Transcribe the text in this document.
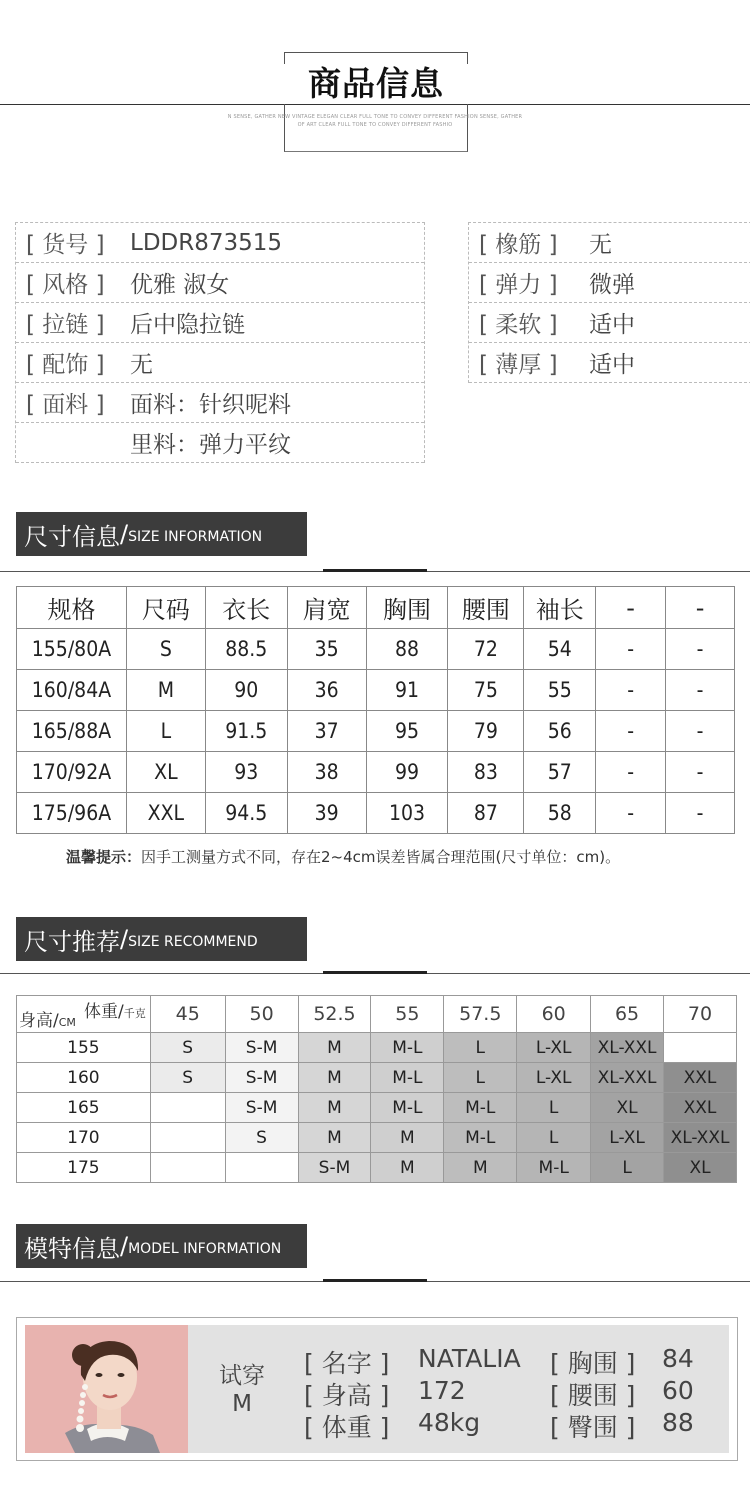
商品信息
N SENSE, GATHER NEW VINTAGE ELEGAN CLEAR FULL TONE TO CONVEY DIFFERENT FASHION SENSE, GATHER
OF ART CLEAR FULL TONE TO CONVEY DIFFERENT FASHIO
[ 货号 ]	LDDR873515
[ 风格 ]	优雅 淑女
[ 拉链 ]	后中隐拉链
[ 配饰 ]	无
[ 面料 ]	面料：针织呢料
里料：弹力平纹
[ 橡筋 ]	无
[ 弹力 ]	微弹
[ 柔软 ]	适中
[ 薄厚 ]	适中
尺寸信息 / SIZE INFORMATION
规格	尺码	衣长	肩宽	胸围	腰围	袖长	-	-
155/80A	S	88.5	35	88	72	54	-	-
160/84A	M	90	36	91	75	55	-	-
165/88A	L	91.5	37	95	79	56	-	-
170/92A	XL	93	38	99	83	57	-	-
175/96A	XXL	94.5	39	103	87	58	-	-
温馨提示：因手工测量方式不同，存在2~4cm误差皆属合理范围(尺寸单位：cm)。
尺寸推荐 / SIZE RECOMMEND
体重/千克
身高/CM	45	50	52.5	55	57.5	60	65	70
155	S	S-M	M	M-L	L	L-XL	XL-XXL	
160	S	S-M	M	M-L	L	L-XL	XL-XXL	XXL
165		S-M	M	M-L	M-L	L	XL	XXL
170		S	M	M	M-L	L	L-XL	XL-XXL
175			S-M	M	M	M-L	L	XL
模特信息 / MODEL INFORMATION
试穿
M
[ 名字 ] NATALIA
[ 身高 ] 172
[ 体重 ] 48kg
[ 胸围 ] 84
[ 腰围 ] 60
[ 臀围 ] 88
